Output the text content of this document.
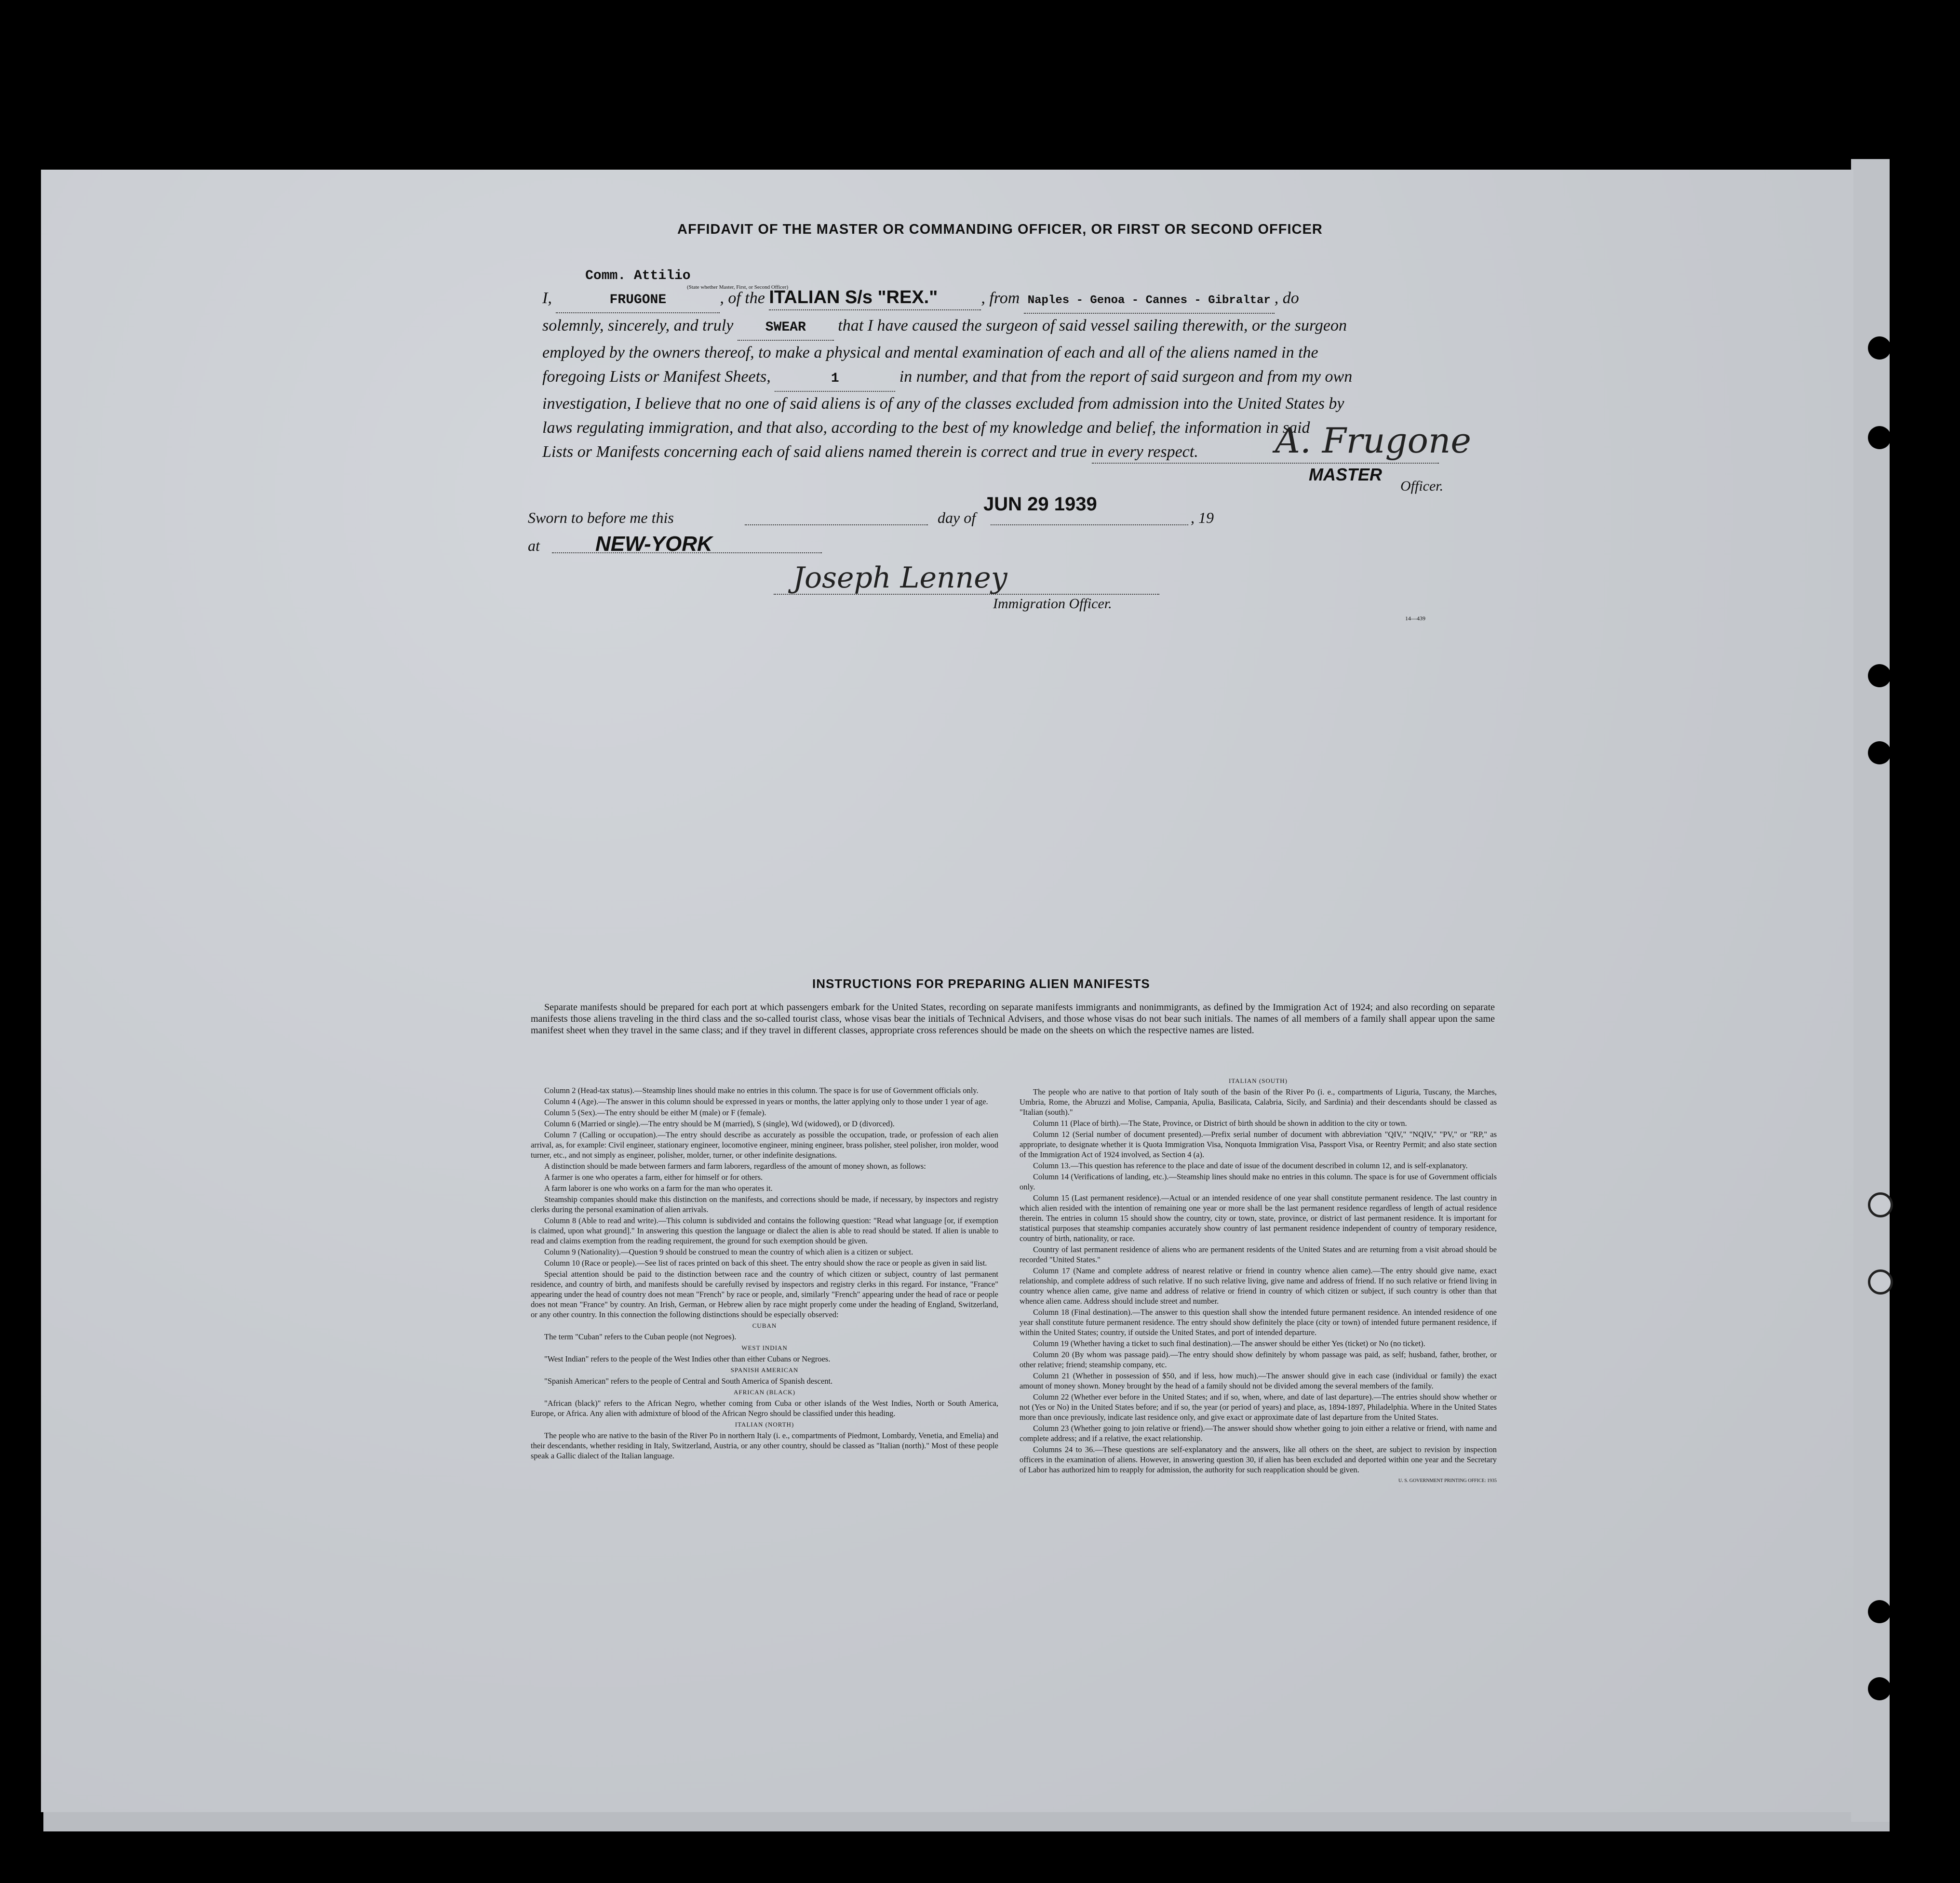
AFFIDAVIT OF THE MASTER OR COMMANDING OFFICER, OR FIRST OR SECOND OFFICER
I, Comm. Attilio FRUGONE	, of the ITALIAN S/s "REX."	, from Naples - Genoa - Cannes - Gibraltar , do
(State whether Master, First, or Second Officer)
solemnly, sincerely, and truly SWEAR that I have caused the surgeon of said vessel sailing therewith, or the surgeon
employed by the owners thereof, to make a physical and mental examination of each and all of the aliens named in the
foregoing Lists or Manifest Sheets,	1	in number, and that from the report of said surgeon and from my own
investigation, I believe that no one of said aliens is of any of the classes excluded from admission into the United States by
laws regulating immigration, and that also, according to the best of my knowledge and belief, the information in said
Lists or Manifests concerning each of said aliens named therein is correct and true in every respect.	A. Frugone
MASTER
Officer.
Sworn to before me this	day of
JUN 29 1939
, 19
at	NEW-YORK
Joseph Lenney
Immigration Officer.
14—439
INSTRUCTIONS FOR PREPARING ALIEN MANIFESTS

Separate manifests should be prepared for each port at which passengers embark for the United States, recording on separate manifests immigrants and nonimmigrants, as defined by the Immigration Act of 1924; and also recording on separate manifests those aliens traveling in the third class and the so-called tourist class, whose visas bear the initials of Technical Advisers, and those whose visas do not bear such initials. The names of all members of a family shall appear upon the same manifest sheet when they travel in the same class; and if they travel in different classes, appropriate cross references should be made on the sheets on which the respective names are listed.

Column 2 (Head-tax status).—Steamship lines should make no entries in this column. The space is for use of Government officials only.

Column 4 (Age).—The answer in this column should be expressed in years or months, the latter applying only to those under 1 year of age.

Column 5 (Sex).—The entry should be either M (male) or F (female).

Column 6 (Married or single).—The entry should be M (married), S (single), Wd (widowed), or D (divorced).

Column 7 (Calling or occupation).—The entry should describe as accurately as possible the occupation, trade, or profession of each alien arrival, as, for example: Civil engineer, stationary engineer, locomotive engineer, mining engineer, brass polisher, steel polisher, iron molder, wood turner, etc., and not simply as engineer, polisher, molder, turner, or other indefinite designations.

A distinction should be made between farmers and farm laborers, regardless of the amount of money shown, as follows:

A farmer is one who operates a farm, either for himself or for others.

A farm laborer is one who works on a farm for the man who operates it.

Steamship companies should make this distinction on the manifests, and corrections should be made, if necessary, by inspectors and registry clerks during the personal examination of alien arrivals.

Column 8 (Able to read and write).—This column is subdivided and contains the following question: "Read what language [or, if exemption is claimed, upon what ground]." In answering this question the language or dialect the alien is able to read should be stated. If alien is unable to read and claims exemption from the reading requirement, the ground for such exemption should be given.

Column 9 (Nationality).—Question 9 should be construed to mean the country of which alien is a citizen or subject.

Column 10 (Race or people).—See list of races printed on back of this sheet. The entry should show the race or people as given in said list.

Special attention should be paid to the distinction between race and the country of which citizen or subject, country of last permanent residence, and country of birth, and manifests should be carefully revised by inspectors and registry clerks in this regard. For instance, "France" appearing under the head of country does not mean "French" by race or people, and, similarly "French" appearing under the head of race or people does not mean "France" by country. An Irish, German, or Hebrew alien by race might properly come under the heading of England, Switzerland, or any other country. In this connection the following distinctions should be especially observed:

CUBAN

The term "Cuban" refers to the Cuban people (not Negroes).

WEST INDIAN

"West Indian" refers to the people of the West Indies other than either Cubans or Negroes.

SPANISH AMERICAN

"Spanish American" refers to the people of Central and South America of Spanish descent.

AFRICAN (BLACK)

"African (black)" refers to the African Negro, whether coming from Cuba or other islands of the West Indies, North or South America, Europe, or Africa. Any alien with admixture of blood of the African Negro should be classified under this heading.

ITALIAN (NORTH)

The people who are native to the basin of the River Po in northern Italy (i. e., compartments of Piedmont, Lombardy, Venetia, and Emelia) and their descendants, whether residing in Italy, Switzerland, Austria, or any other country, should be classed as "Italian (north)." Most of these people speak a Gallic dialect of the Italian language.

ITALIAN (SOUTH)

The people who are native to that portion of Italy south of the basin of the River Po (i. e., compartments of Liguria, Tuscany, the Marches, Umbria, Rome, the Abruzzi and Molise, Campania, Apulia, Basilicata, Calabria, Sicily, and Sardinia) and their descendants should be classed as "Italian (south)."

Column 11 (Place of birth).—The State, Province, or District of birth should be shown in addition to the city or town.

Column 12 (Serial number of document presented).—Prefix serial number of document with abbreviation "QIV," "NQIV," "PV," or "RP," as appropriate, to designate whether it is Quota Immigration Visa, Nonquota Immigration Visa, Passport Visa, or Reentry Permit; and also state section of the Immigration Act of 1924 involved, as Section 4 (a).

Column 13.—This question has reference to the place and date of issue of the document described in column 12, and is self-explanatory.

Column 14 (Verifications of landing, etc.).—Steamship lines should make no entries in this column. The space is for use of Government officials only.

Column 15 (Last permanent residence).—Actual or an intended residence of one year shall constitute permanent residence. The last country in which alien resided with the intention of remaining one year or more shall be the last permanent residence regardless of length of actual residence therein. The entries in column 15 should show the country, city or town, state, province, or district of last permanent residence. It is important for statistical purposes that steamship companies accurately show country of last permanent residence independent of country of temporary residence, country of birth, nationality, or race.

Country of last permanent residence of aliens who are permanent residents of the United States and are returning from a visit abroad should be recorded "United States."

Column 17 (Name and complete address of nearest relative or friend in country whence alien came).—The entry should give name, exact relationship, and complete address of such relative. If no such relative living, give name and address of friend. If no such relative or friend living in country whence alien came, give name and address of relative or friend in country of which citizen or subject, if such country is other than that whence alien came. Address should include street and number.

Column 18 (Final destination).—The answer to this question shall show the intended future permanent residence. An intended residence of one year shall constitute future permanent residence. The entry should show definitely the place (city or town) of intended future permanent residence, if within the United States; country, if outside the United States, and port of intended departure.

Column 19 (Whether having a ticket to such final destination).—The answer should be either Yes (ticket) or No (no ticket).

Column 20 (By whom was passage paid).—The entry should show definitely by whom passage was paid, as self; husband, father, brother, or other relative; friend; steamship company, etc.

Column 21 (Whether in possession of $50, and if less, how much).—The answer should give in each case (individual or family) the exact amount of money shown. Money brought by the head of a family should not be divided among the several members of the family.

Column 22 (Whether ever before in the United States; and if so, when, where, and date of last departure).—The entries should show whether or not (Yes or No) in the United States before; and if so, the year (or period of years) and place, as, 1894-1897, Philadelphia. Where in the United States more than once previously, indicate last residence only, and give exact or approximate date of last departure from the United States.

Column 23 (Whether going to join relative or friend).—The answer should show whether going to join either a relative or friend, with name and complete address; and if a relative, the exact relationship.

Columns 24 to 36.—These questions are self-explanatory and the answers, like all others on the sheet, are subject to revision by inspection officers in the examination of aliens. However, in answering question 30, if alien has been excluded and deported within one year and the Secretary of Labor has authorized him to reapply for admission, the authority for such reapplication should be given.

U. S. GOVERNMENT PRINTING OFFICE: 1935
